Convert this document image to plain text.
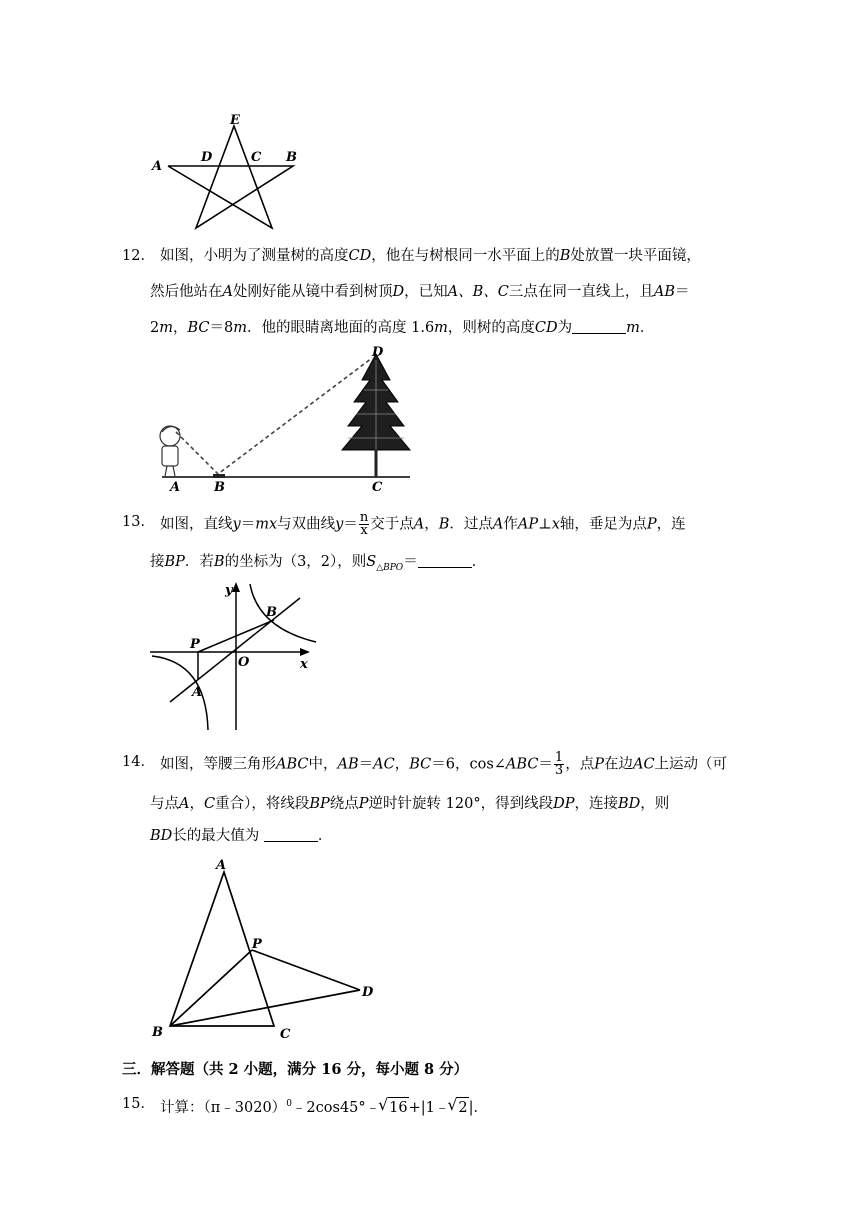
E
A
D	C B
12． 如图，小明为了测量树的高度CD，他在与树根同一水平面上的B处放置一块平面镜，
然后他站在A处刚好能从镜中看到树顶D，已知A、B、C三点在同一直线上，且AB＝
2m，BC＝8m．他的眼睛离地面的高度 1.6m，则树的高度CD为	m．
D
A	B	C
13． 如图，直线y＝mx与双曲线$y= \frac{n}{x}$ 交于点A，B．过点A作AP⊥x轴，垂足为点P，连
接BP．若B的坐标为（3，2），则$S_{\triangle BPO}=$	．
y
B
P
O	x
A
14． 如图，等腰三角形ABC中，AB＝AC，BC＝6，cos∠ABC＝ $\frac{1}{3}$ ，点P在边AC上运动（可
与点A，C重合），将线段BP绕点P逆时针旋转 120°，得到线段DP，连接BD，则
BD长的最大值为	．
A
P
D
B	C
三．解答题（共 2 小题，满分 16 分，每小题 8 分）
15． 计算：（π﹣3020）$^0$﹣2cos45°﹣ √ 16+|1﹣ √ 2|．
